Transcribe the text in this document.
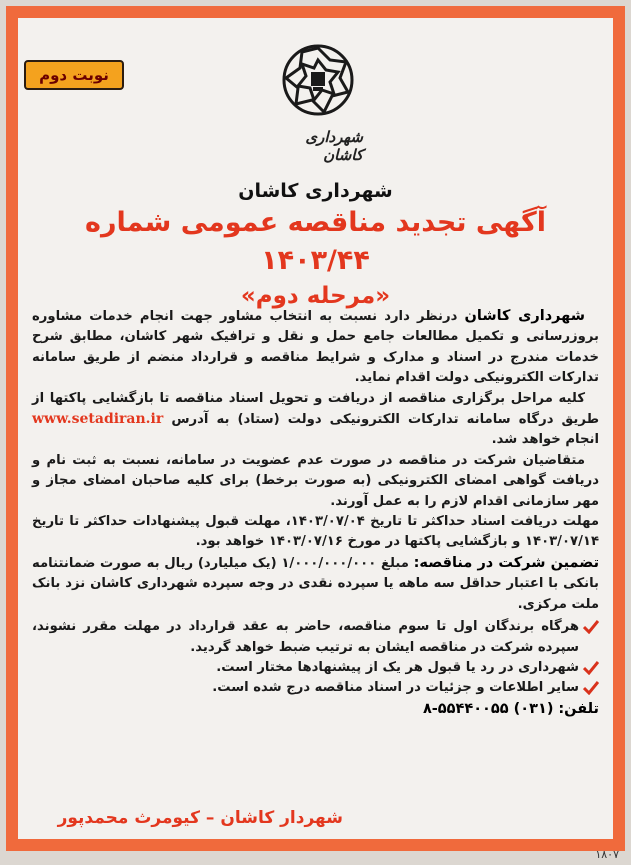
نوبت دوم
شهرداری کاشان
شهرداری کاشان
آگهی تجدید مناقصه عمومی شماره ۱۴۰۳/۴۴
«مرحله دوم»

شهرداری کاشان درنظر دارد نسبت به انتخاب مشاور جهت انجام خدمات مشاوره بروزرسانی و تکمیل مطالعات جامع حمل و نقل و ترافیک شهر کاشان، مطابق شرح خدمات مندرج در اسناد و مدارک و شرایط مناقصه و قرارداد منضم از طریق سامانه تدارکات الکترونیکی دولت اقدام نماید.

کلیه مراحل برگزاری مناقصه از دریافت و تحویل اسناد مناقصه تا بازگشایی پاکتها از طریق درگاه سامانه تدارکات الکترونیکی دولت (ستاد) به آدرس www.setadiran.ir انجام خواهد شد.

متقاضیان شرکت در مناقصه در صورت عدم عضویت در سامانه، نسبت به ثبت نام و دریافت گواهی امضای الکترونیکی (به صورت برخط) برای کلیه صاحبان امضای مجاز و مهر سازمانی اقدام لازم را به عمل آورند.

مهلت دریافت اسناد حداکثر تا تاریخ ۱۴۰۳/۰۷/۰۴، مهلت قبول پیشنهادات حداکثر تا تاریخ ۱۴۰۳/۰۷/۱۴ و بازگشایی پاکتها در مورخ ۱۴۰۳/۰۷/۱۶ خواهد بود.

تضمین شرکت در مناقصه: مبلغ ۱/۰۰۰/۰۰۰/۰۰۰ (یک میلیارد) ریال به صورت ضمانتنامه بانکی با اعتبار حداقل سه ماهه یا سپرده نقدی در وجه سپرده شهرداری کاشان نزد بانک ملت مرکزی.

هرگاه برندگان اول تا سوم مناقصه، حاضر به عقد قرارداد در مهلت مقرر نشوند، سپرده شرکت در مناقصه ایشان به ترتیب ضبط خواهد گردید.
شهرداری در رد یا قبول هر یک از پیشنهادها مختار است.
سایر اطلاعات و جزئیات در اسناد مناقصه درج شده است.

تلفن: ۸-۵۵۴۴۰۰۵۵ (۰۳۱)

شهردار کاشان – کیومرث محمدپور
۱۸۰۷
